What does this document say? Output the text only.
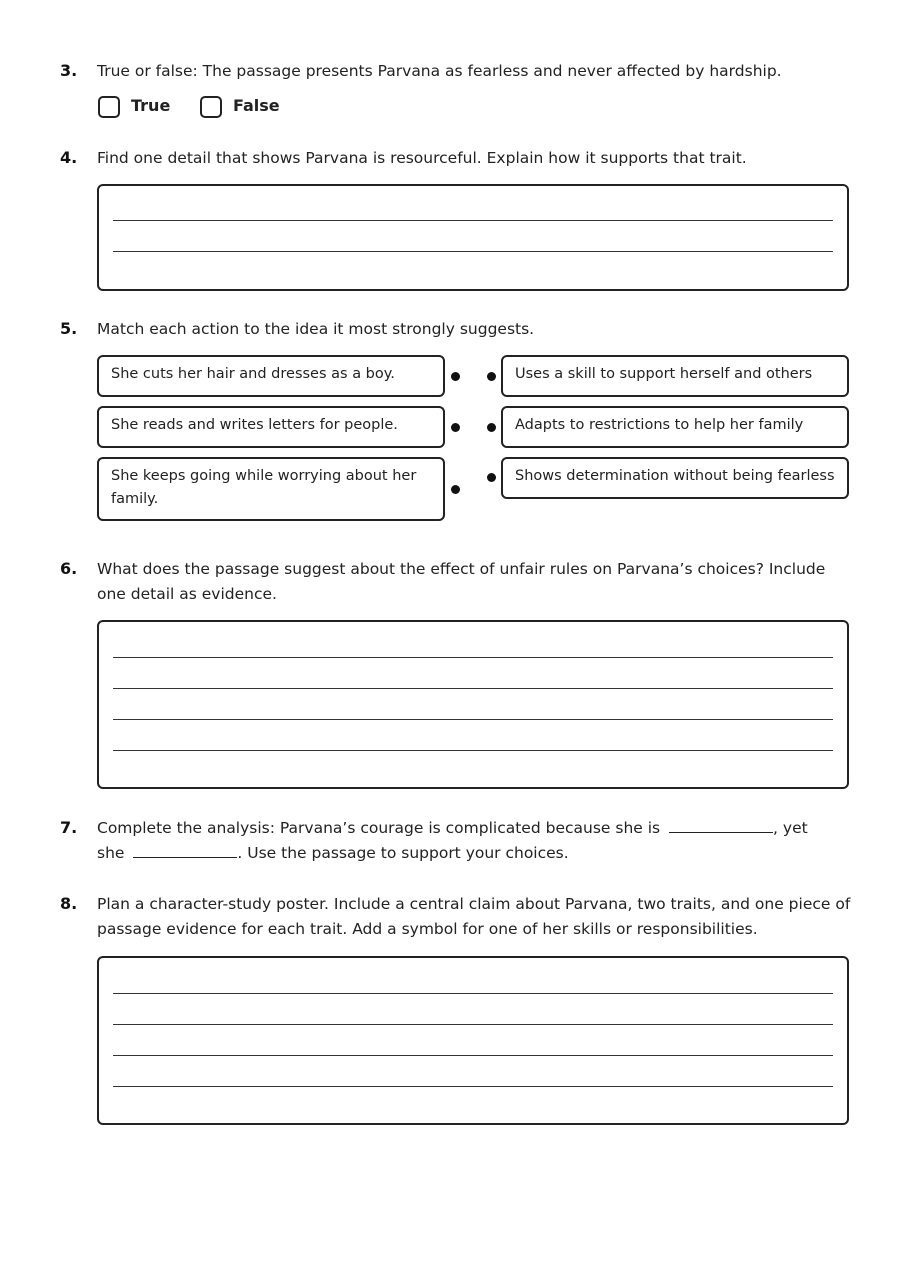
3. True or false: The passage presents Parvana as fearless and never affected by hardship.
True	False
4. Find one detail that shows Parvana is resourceful. Explain how it supports that trait.
5. Match each action to the idea it most strongly suggests.
She cuts her hair and dresses as a boy.
She reads and writes letters for people.
She keeps going while worrying about her family.
Uses a skill to support herself and others
Adapts to restrictions to help her family
Shows determination without being fearless
6. What does the passage suggest about the effect of unfair rules on Parvana’s choices? Include one detail as evidence.
7. Complete the analysis: Parvana’s courage is complicated because she is	, yet she	. Use the passage to support your choices.
8. Plan a character-study poster. Include a central claim about Parvana, two traits, and one piece of passage evidence for each trait. Add a symbol for one of her skills or responsibilities.
